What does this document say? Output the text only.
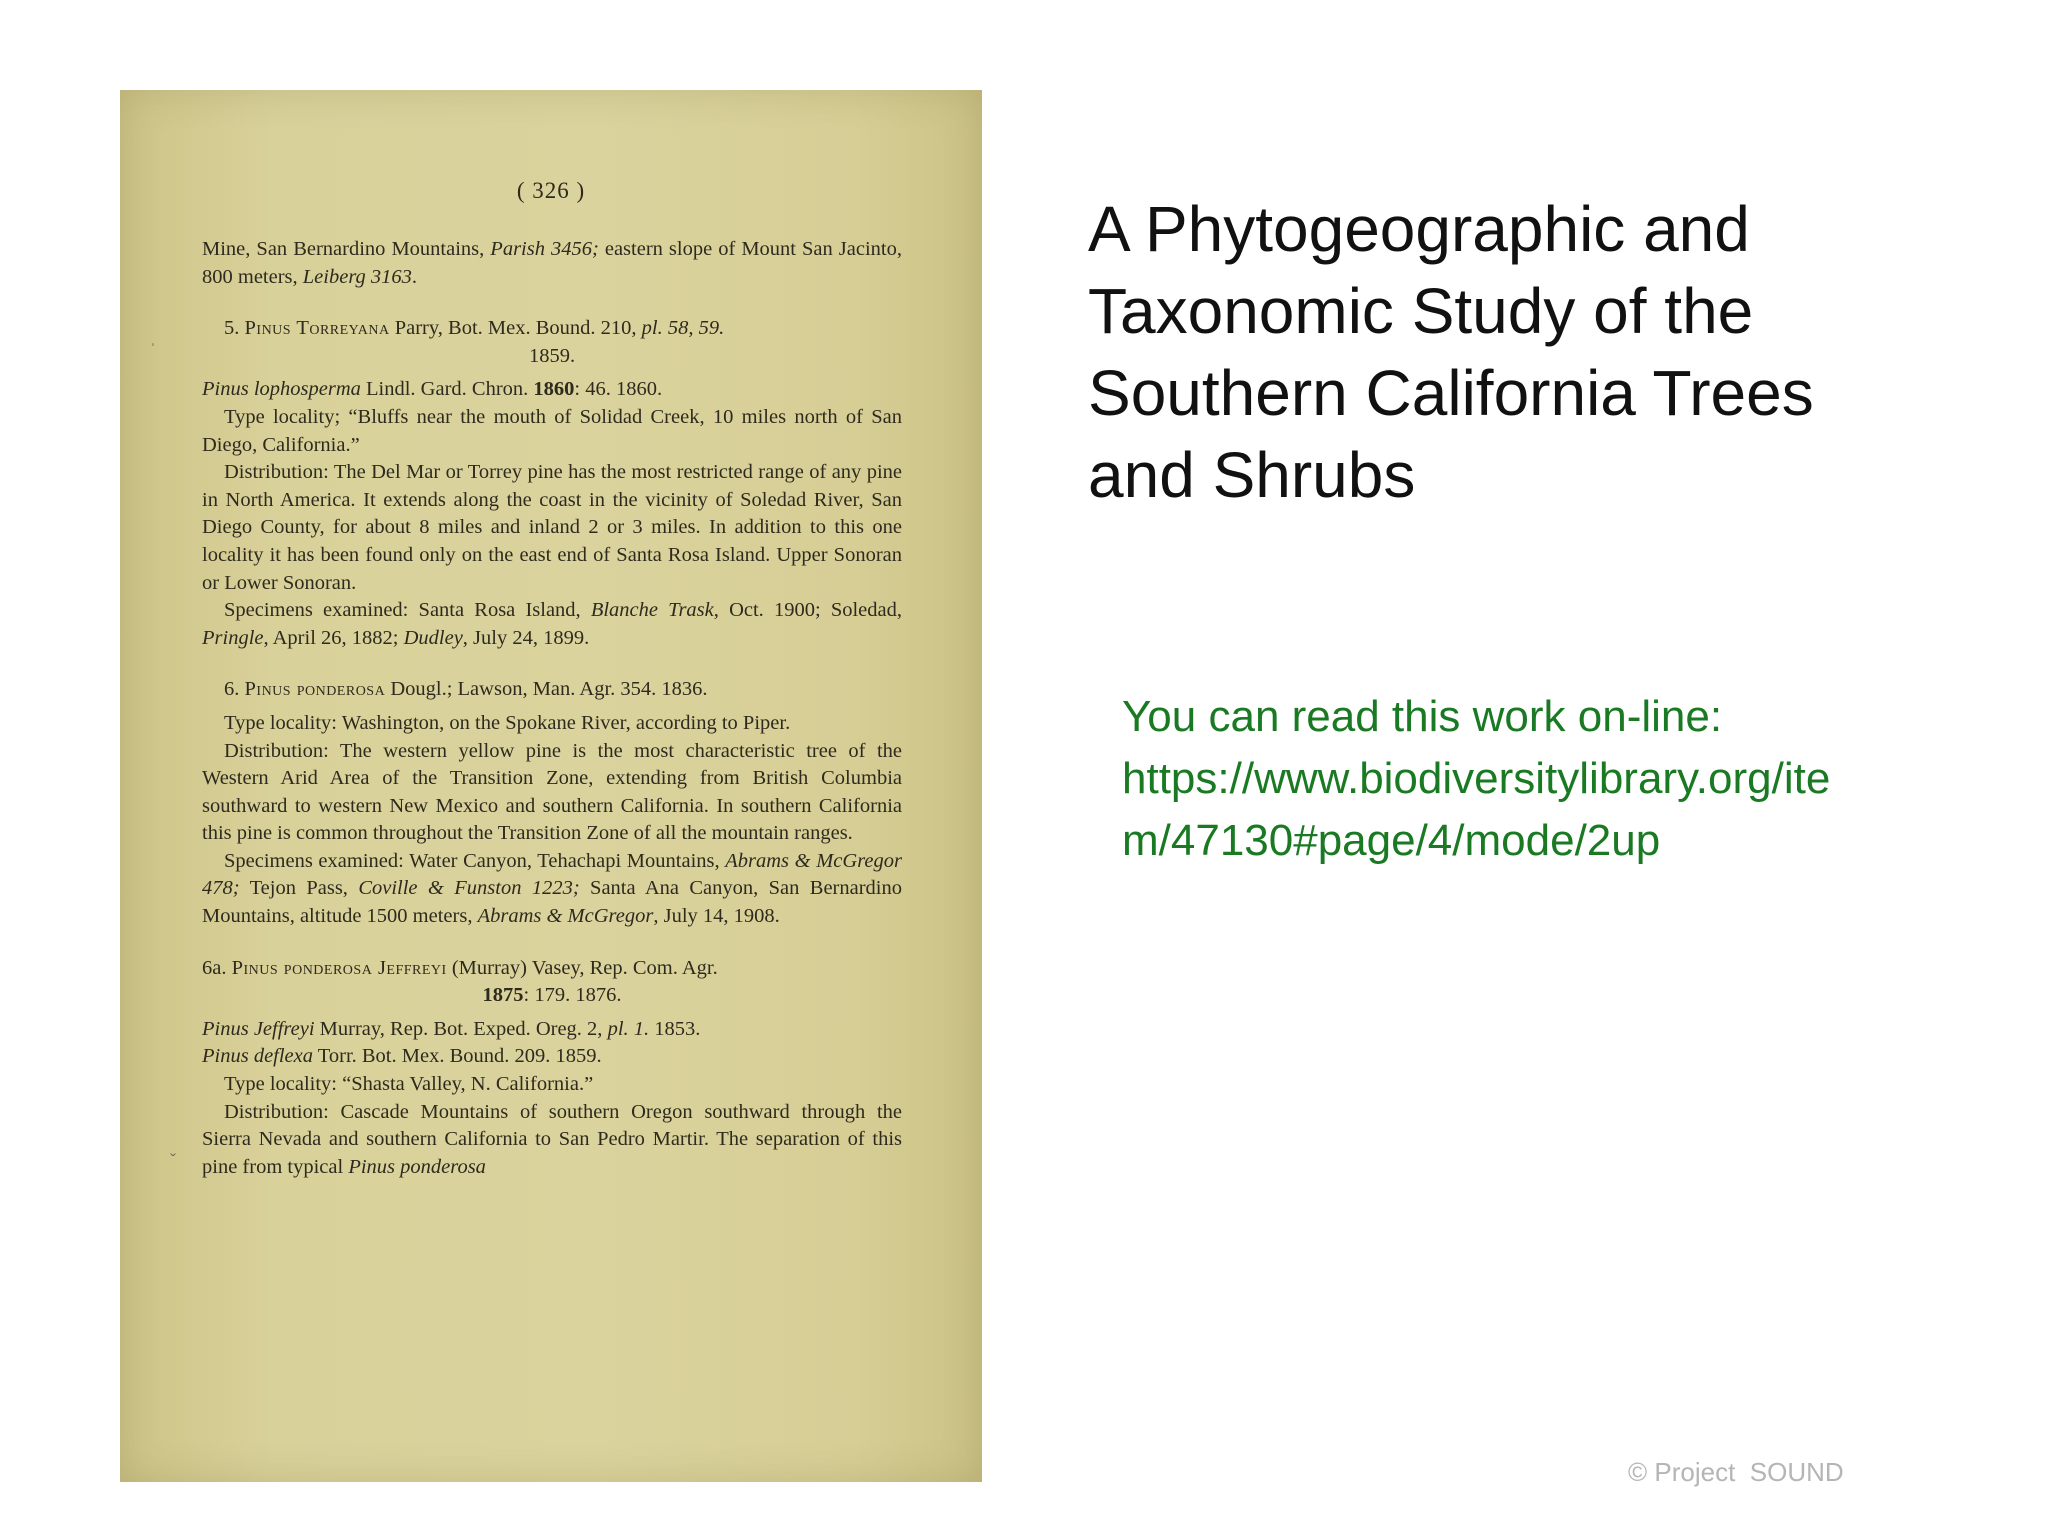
( 326 )
ˌ
ˇ

Mine, San Bernardino Mountains, Parish 3456; eastern slope of Mount San Jacinto, 800 meters, Leiberg 3163.

5. Pinus Torreyana Parry, Bot. Mex. Bound. 210, pl. 58, 59.

1859.

Pinus lophosperma Lindl. Gard. Chron. 1860: 46. 1860.

Type locality; “Bluffs near the mouth of Solidad Creek, 10 miles north of San Diego, California.”

Distribution: The Del Mar or Torrey pine has the most restricted range of any pine in North America. It extends along the coast in the vicinity of Soledad River, San Diego County, for about 8 miles and inland 2 or 3 miles. In addition to this one locality it has been found only on the east end of Santa Rosa Island. Upper Sonoran or Lower Sonoran.

Specimens examined: Santa Rosa Island, Blanche Trask, Oct. 1900; Soledad, Pringle, April 26, 1882; Dudley, July 24, 1899.

6. Pinus ponderosa Dougl.; Lawson, Man. Agr. 354. 1836.

Type locality: Washington, on the Spokane River, according to Piper.

Distribution: The western yellow pine is the most characteristic tree of the Western Arid Area of the Transition Zone, extending from British Columbia southward to western New Mexico and southern California. In southern California this pine is common throughout the Transition Zone of all the mountain ranges.

Specimens examined: Water Canyon, Tehachapi Mountains, Abrams & McGregor 478; Tejon Pass, Coville & Funston 1223; Santa Ana Canyon, San Bernardino Mountains, altitude 1500 meters, Abrams & McGregor, July 14, 1908.

6a. Pinus ponderosa Jeffreyi (Murray) Vasey, Rep. Com. Agr.

1875: 179. 1876.

Pinus Jeffreyi Murray, Rep. Bot. Exped. Oreg. 2, pl. 1. 1853.

Pinus deflexa Torr. Bot. Mex. Bound. 209. 1859.

Type locality: “Shasta Valley, N. California.”

Distribution: Cascade Mountains of southern Oregon southward through the Sierra Nevada and southern California to San Pedro Martir. The separation of this pine from typical Pinus ponderosa

A Phytogeographic and
Taxonomic Study of the
Southern California Trees
and Shrubs
You can read this work on-line:
https://www.biodiversitylibrary.org/ite
m/47130#page/4/mode/2up
© Project  SOUND
